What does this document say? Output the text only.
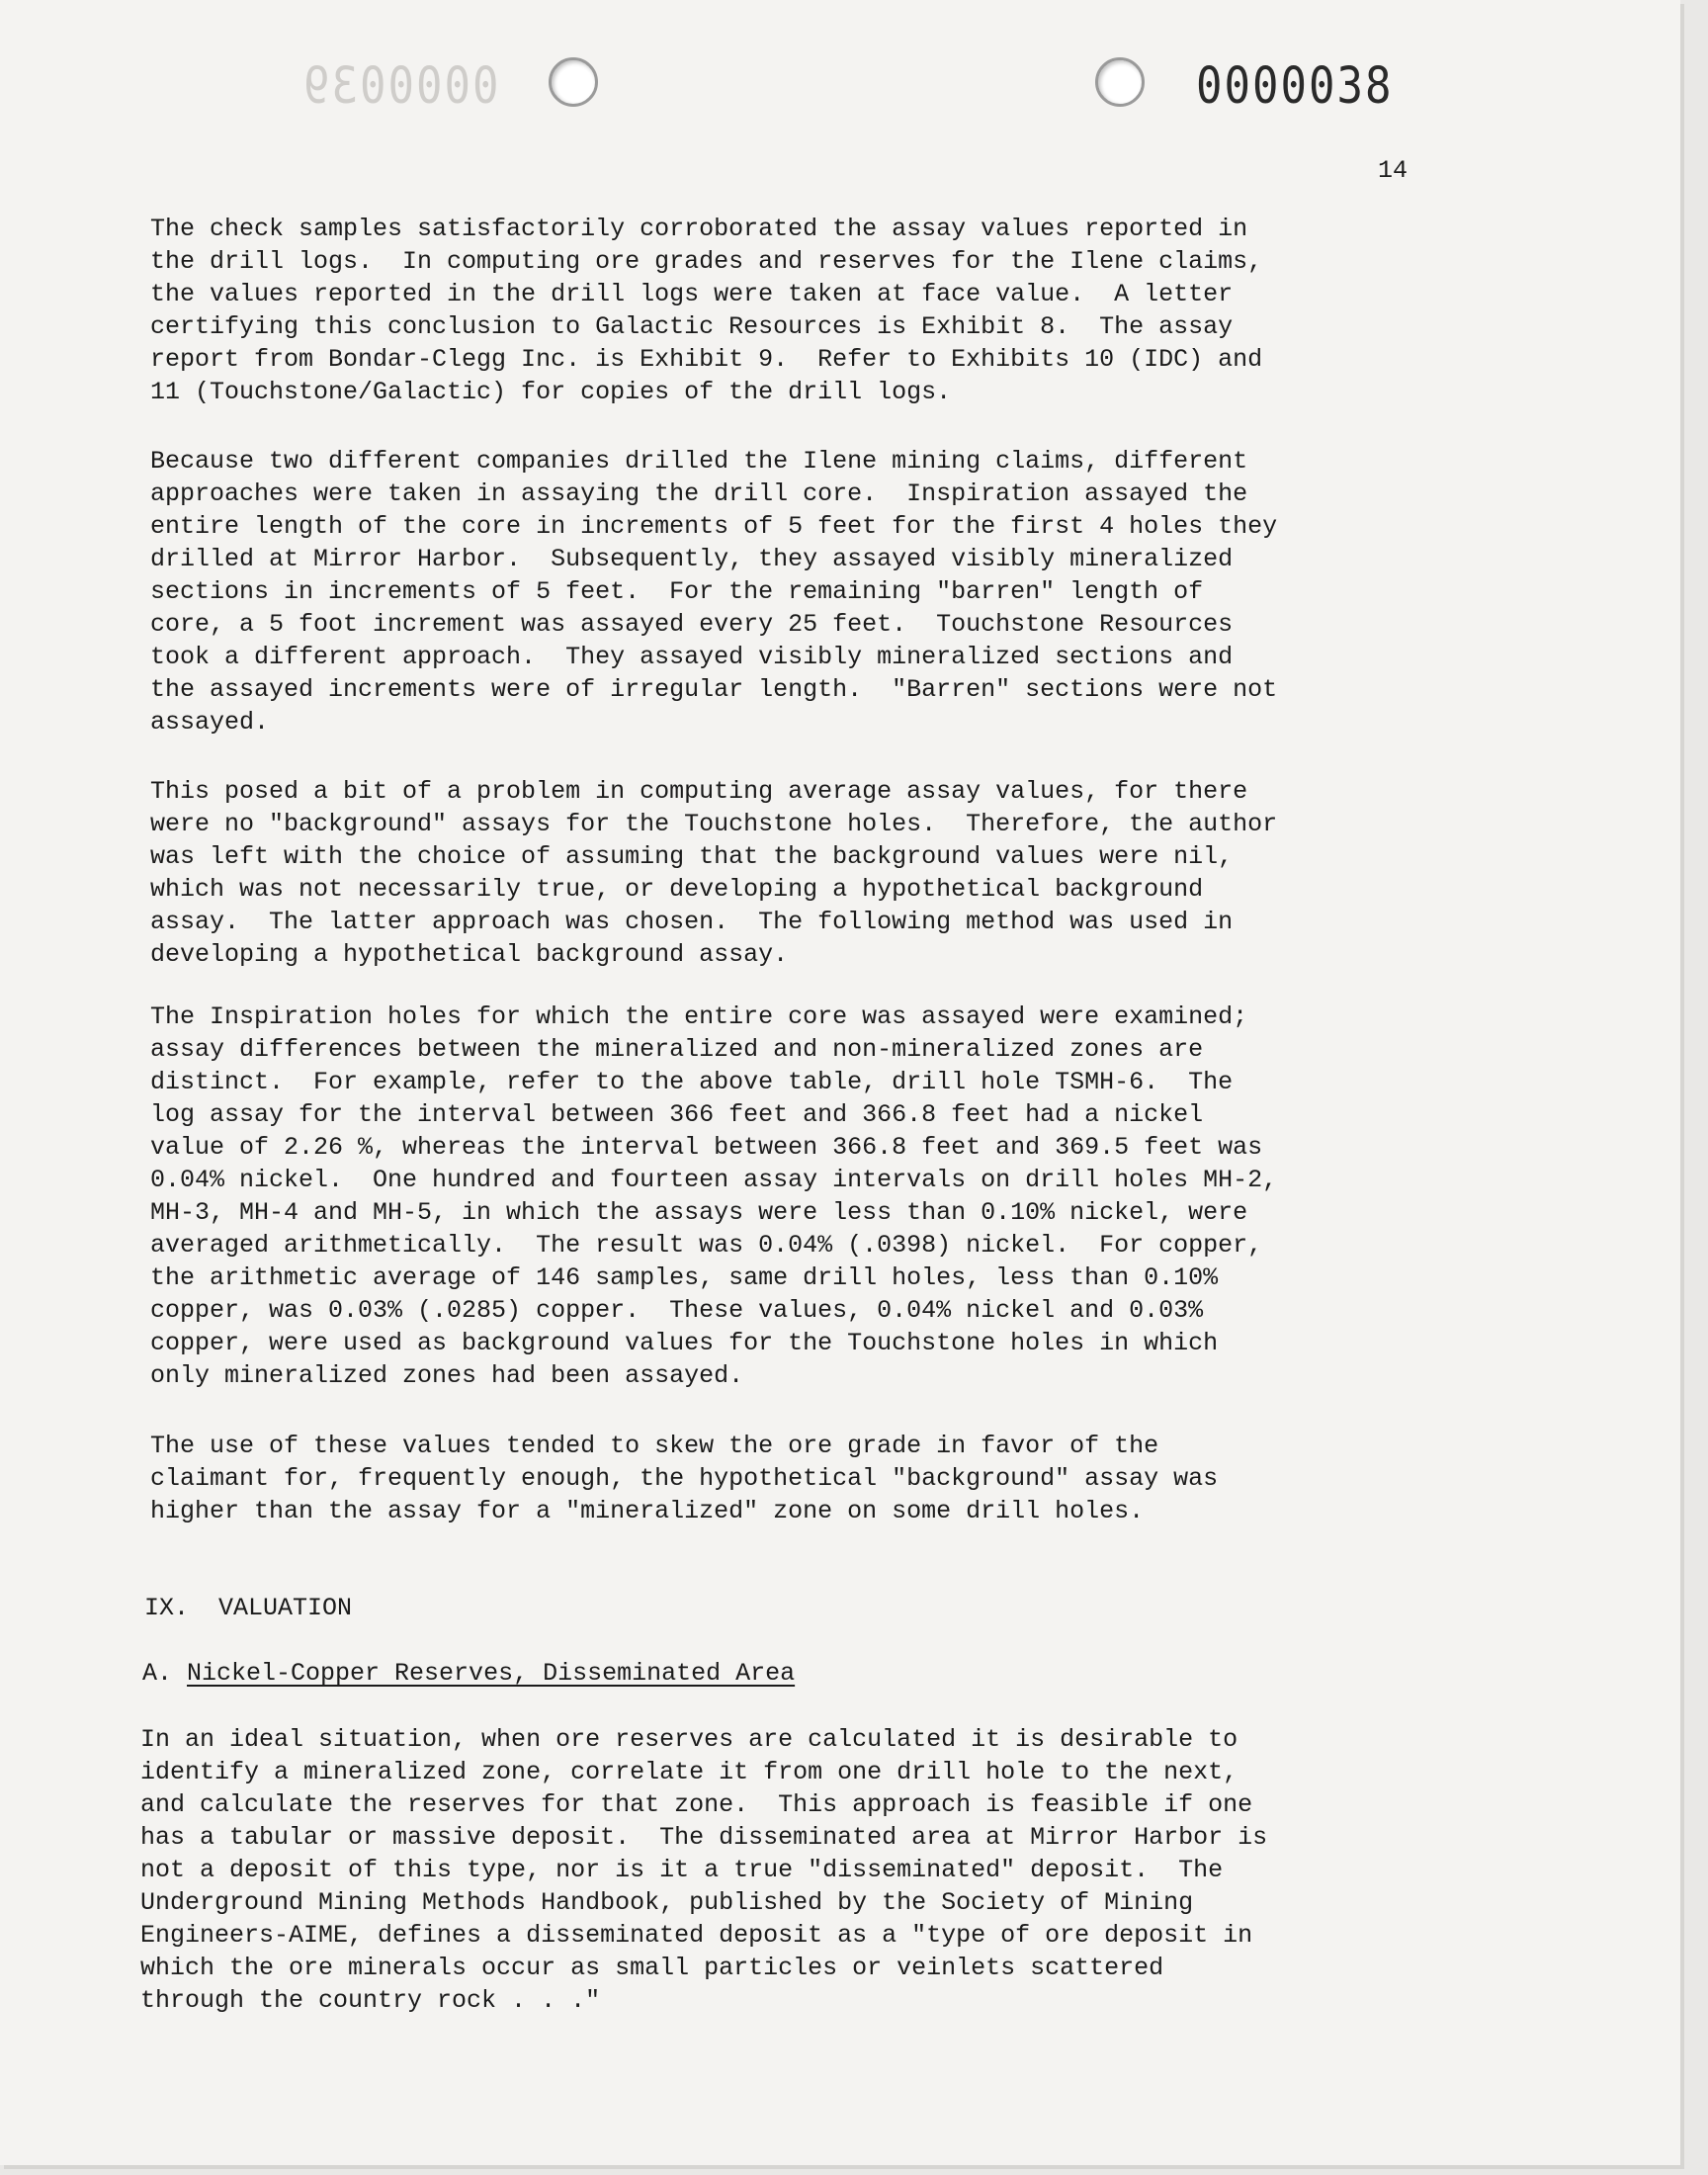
0000039	0000038
14

The check samples satisfactorily corroborated the assay values reported in
the drill logs.  In computing ore grades and reserves for the Ilene claims,
the values reported in the drill logs were taken at face value.  A letter
certifying this conclusion to Galactic Resources is Exhibit 8.  The assay
report from Bondar-Clegg Inc. is Exhibit 9.  Refer to Exhibits 10 (IDC) and
11 (Touchstone/Galactic) for copies of the drill logs.

Because two different companies drilled the Ilene mining claims, different
approaches were taken in assaying the drill core.  Inspiration assayed the
entire length of the core in increments of 5 feet for the first 4 holes they
drilled at Mirror Harbor.  Subsequently, they assayed visibly mineralized
sections in increments of 5 feet.  For the remaining "barren" length of
core, a 5 foot increment was assayed every 25 feet.  Touchstone Resources
took a different approach.  They assayed visibly mineralized sections and
the assayed increments were of irregular length.  "Barren" sections were not
assayed.

This posed a bit of a problem in computing average assay values, for there
were no "background" assays for the Touchstone holes.  Therefore, the author
was left with the choice of assuming that the background values were nil,
which was not necessarily true, or developing a hypothetical background
assay.  The latter approach was chosen.  The following method was used in
developing a hypothetical background assay.

The Inspiration holes for which the entire core was assayed were examined;
assay differences between the mineralized and non-mineralized zones are
distinct.  For example, refer to the above table, drill hole TSMH-6.  The
log assay for the interval between 366 feet and 366.8 feet had a nickel
value of 2.26 %, whereas the interval between 366.8 feet and 369.5 feet was
0.04% nickel.  One hundred and fourteen assay intervals on drill holes MH-2,
MH-3, MH-4 and MH-5, in which the assays were less than 0.10% nickel, were
averaged arithmetically.  The result was 0.04% (.0398) nickel.  For copper,
the arithmetic average of 146 samples, same drill holes, less than 0.10%
copper, was 0.03% (.0285) copper.  These values, 0.04% nickel and 0.03%
copper, were used as background values for the Touchstone holes in which
only mineralized zones had been assayed.

The use of these values tended to skew the ore grade in favor of the
claimant for, frequently enough, the hypothetical "background" assay was
higher than the assay for a "mineralized" zone on some drill holes.

IX.  VALUATION
A. Nickel-Copper Reserves, Disseminated Area

In an ideal situation, when ore reserves are calculated it is desirable to
identify a mineralized zone, correlate it from one drill hole to the next,
and calculate the reserves for that zone.  This approach is feasible if one
has a tabular or massive deposit.  The disseminated area at Mirror Harbor is
not a deposit of this type, nor is it a true "disseminated" deposit.  The
Underground Mining Methods Handbook, published by the Society of Mining
Engineers-AIME, defines a disseminated deposit as a "type of ore deposit in
which the ore minerals occur as small particles or veinlets scattered
through the country rock . . ."
